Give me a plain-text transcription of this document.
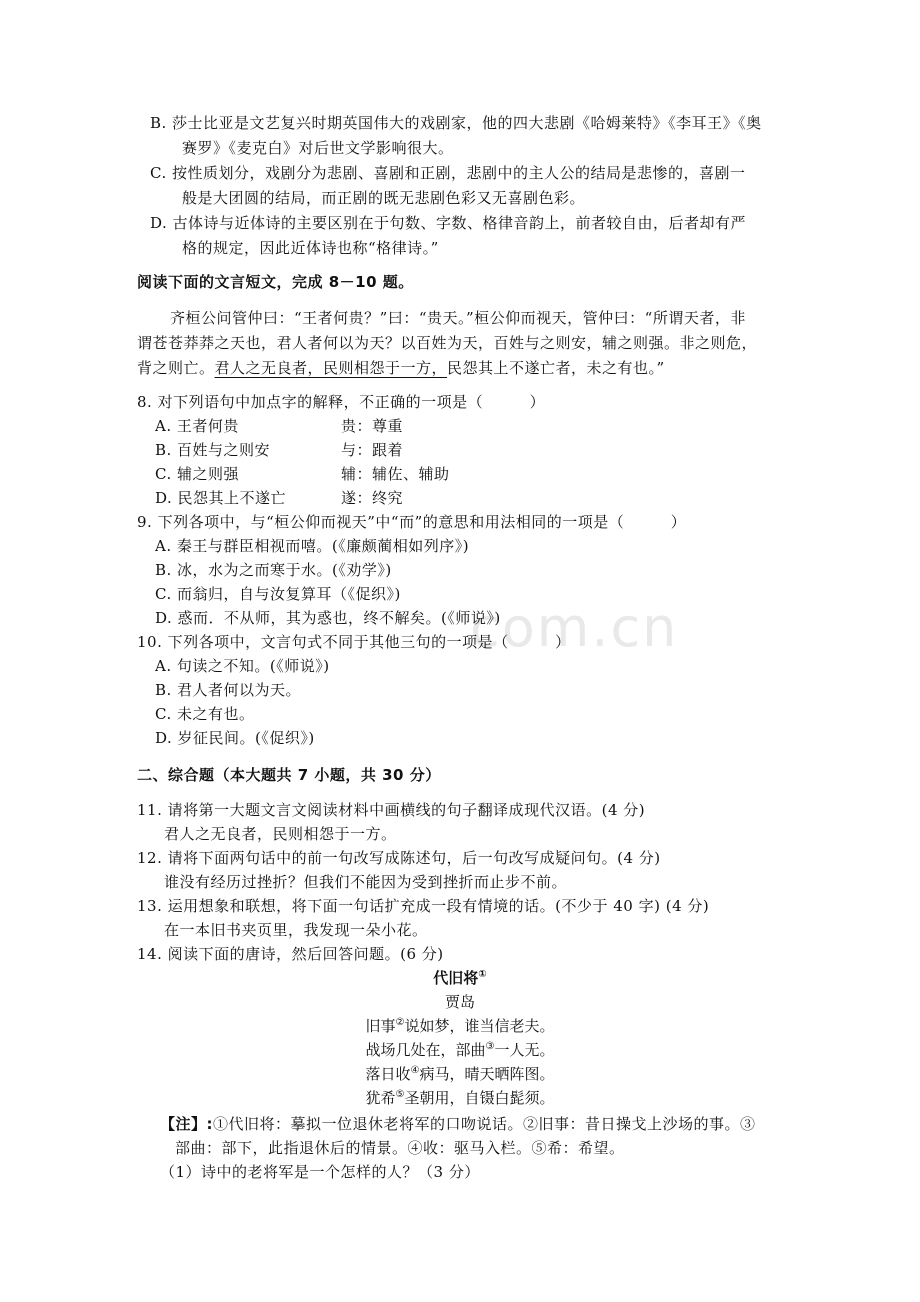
com.cn
B. 莎士比亚是文艺复兴时期英国伟大的戏剧家，他的四大悲剧《哈姆莱特》《李耳王》《奥
赛罗》《麦克白》对后世文学影响很大。
C. 按性质划分，戏剧分为悲剧、喜剧和正剧，悲剧中的主人公的结局是悲惨的，喜剧一
般是大团圆的结局，而正剧的既无悲剧色彩又无喜剧色彩。
D. 古体诗与近体诗的主要区别在于句数、字数、格律音韵上，前者较自由，后者却有严
格的规定，因此近体诗也称“格律诗。”
阅读下面的文言短文，完成 8－10 题。
齐桓公问管仲曰：“王者何贵？”曰：“贵天。”桓公仰而视天，管仲曰：“所谓天者，非
谓苍苍莽莽之天也，君人者何以为天？以百姓为天，百姓与之则安，辅之则强。非之则危，
背之则亡。君人之无良者，民则相怨于一方，民怨其上不遂亡者，未之有也。”
8. 对下列语句中加点字的解释，不正确的一项是（　　　）
A. 王者何贵	贵：尊重
B. 百姓与之则安	与：跟着
C. 辅之则强	辅：辅佐、辅助
D. 民怨其上不遂亡	遂：终究
9. 下列各项中，与“桓公仰而视天”中“而”的意思和用法相同的一项是（　　　）
A. 秦王与群臣相视而嘻。(《廉颇蔺相如列序》)
B. 冰，水为之而寒于水。(《劝学》)
C. 而翁归，自与汝复算耳（《促织》)
D. 惑而．不从师，其为惑也，终不解矣。(《师说》)
10. 下列各项中，文言句式不同于其他三句的一项是（　　　）
A. 句读之不知。(《师说》)
B. 君人者何以为天。
C. 未之有也。
D. 岁征民间。(《促织》)
二、综合题（本大题共 7 小题，共 30 分）
11. 请将第一大题文言文阅读材料中画横线的句子翻译成现代汉语。(4 分)
君人之无良者，民则相怨于一方。
12. 请将下面两句话中的前一句改写成陈述句，后一句改写成疑问句。(4 分)
谁没有经历过挫折？但我们不能因为受到挫折而止步不前。
13. 运用想象和联想，将下面一句话扩充成一段有情境的话。(不少于 40 字) (4 分)
在一本旧书夹页里，我发现一朵小花。
14. 阅读下面的唐诗，然后回答问题。(6 分)
代旧将①
贾岛
旧事②说如梦，谁当信老夫。
战场几处在，部曲③一人无。
落日收④病马，晴天晒阵图。
犹希⑤圣朝用，自镊白髭须。
【注】:①代旧将：摹拟一位退休老将军的口吻说话。②旧事：昔日操戈上沙场的事。③
部曲：部下，此指退休后的情景。④收：驱马入栏。⑤希：希望。
（1）诗中的老将军是一个怎样的人？（3 分）
